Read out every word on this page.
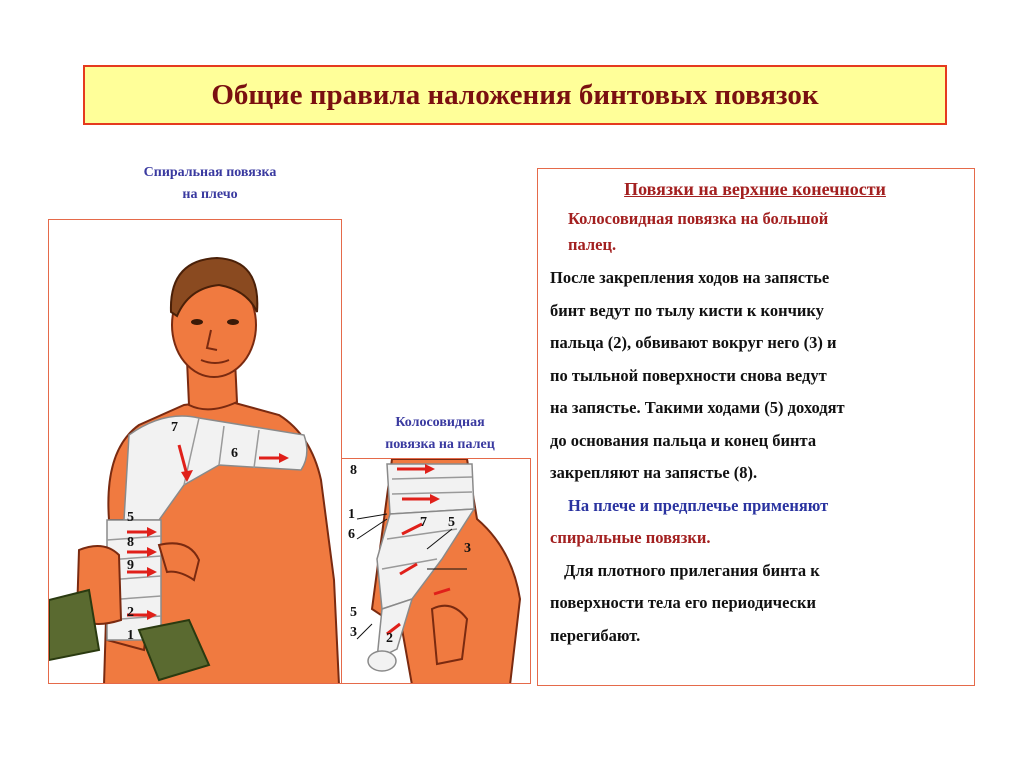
Общие правила наложения бинтовых повязок
Спиральная повязка
на плечо
7
6
5
8
9
2
1
Колосовидная
повязка на палец
8
1
6
7 5
3
5
3 2
Повязки на верхние конечности
Колосовидная повязка на большой
палец.
После закрепления ходов на запястье
бинт ведут по тылу кисти к кончику
пальца (2), обвивают вокруг него (3) и
по тыльной поверхности снова ведут
на запястье. Такими ходами (5) доходят
до основания пальца и конец бинта
закрепляют на запястье (8).
На плече и предплечье применяют
спиральные повязки.
Для плотного прилегания бинта к
поверхности тела его периодически
перегибают.
